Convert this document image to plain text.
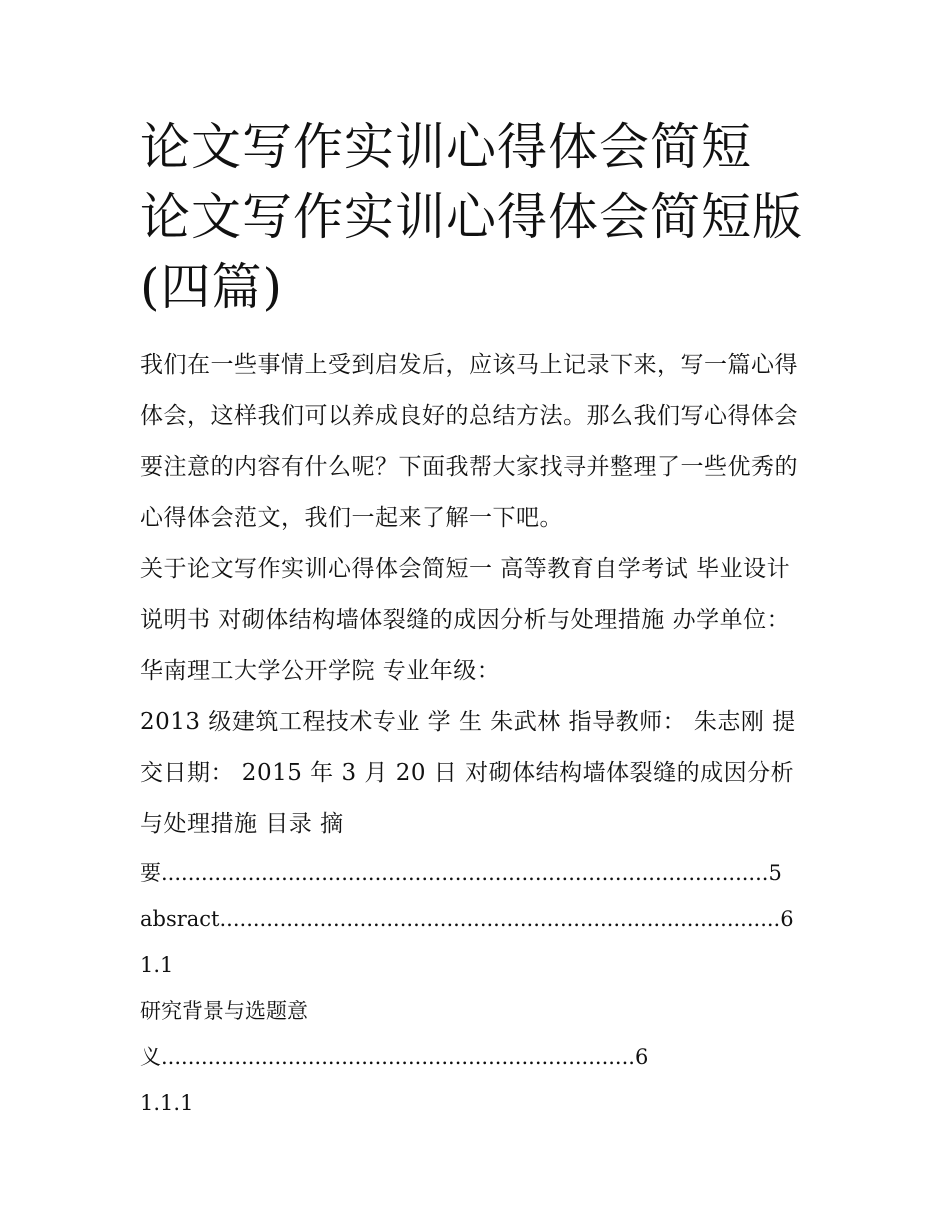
论文写作实训心得体会简短 论文写作实训心得体会简短版(四篇)

我们在一些事情上受到启发后，应该马上记录下来，写一篇心得体会，这样我们可以养成良好的总结方法。那么我们写心得体会要注意的内容有什么呢？下面我帮大家找寻并整理了一些优秀的心得体会范文，我们一起来了解一下吧。

关于论文写作实训心得体会简短一 高等教育自学考试 毕业设计说明书 对砌体结构墙体裂缝的成因分析与处理措施 办学单位： 华南理工大学公开学院 专业年级：

2013 级建筑工程技术专业 学 生 朱武林 指导教师： 朱志刚 提交日期： 2015 年 3 月 20 日 对砌体结构墙体裂缝的成因分析与处理措施 目录 摘

要...........................................................................................5

absract....................................................................................6

1.1

研究背景与选题意义.......................................................................6

1.1.1
